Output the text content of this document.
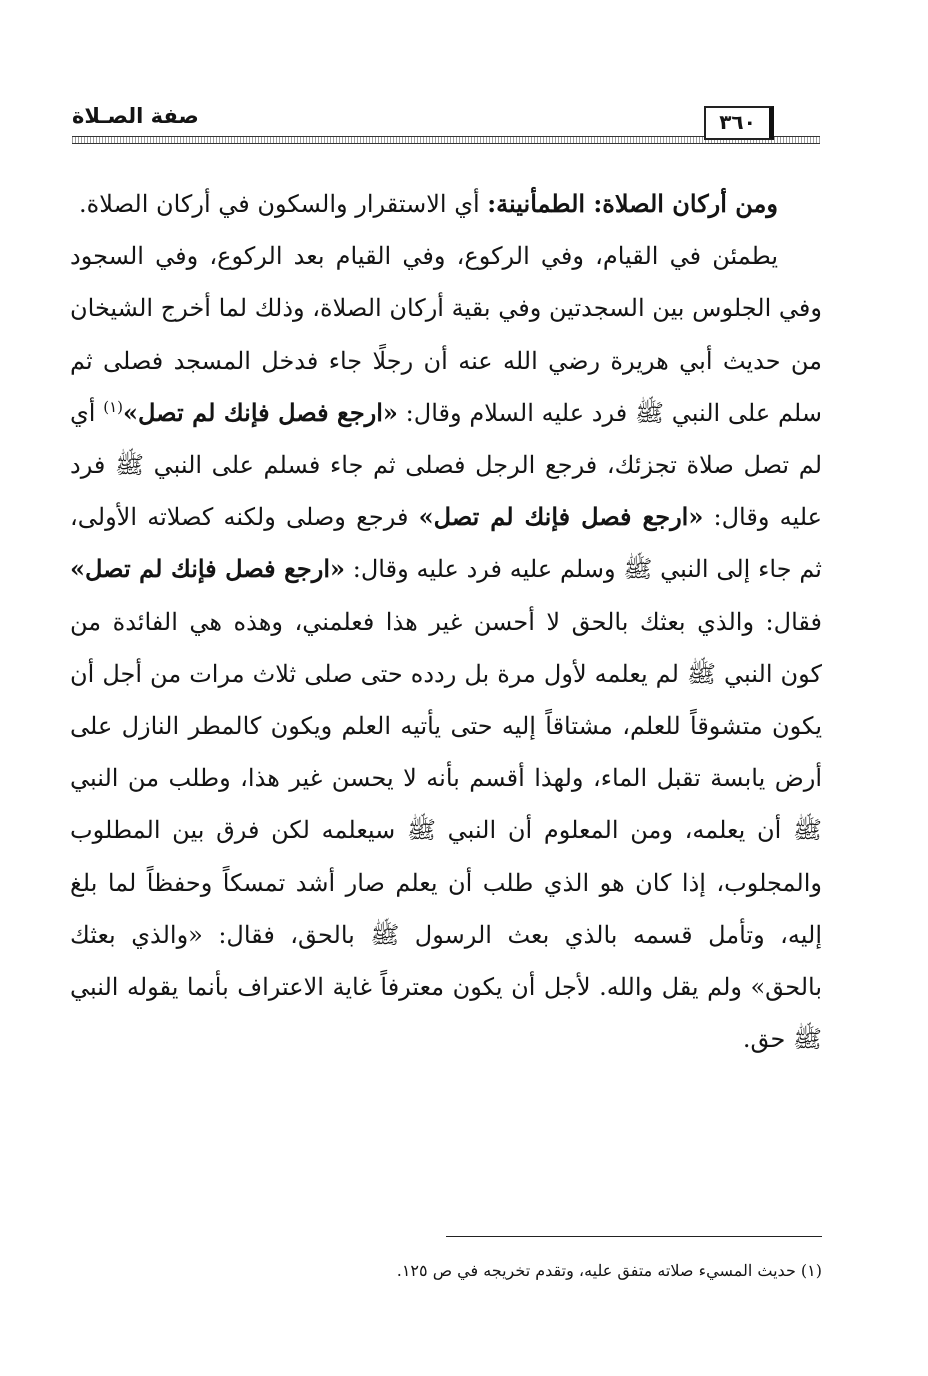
صفة الصـلاة	٣٦٠

ومن أركان الصلاة: الطمأنينة: أي الاستقرار والسكون في أركان الصلاة.

يطمئن في القيام، وفي الركوع، وفي القيام بعد الركوع، وفي السجود وفي الجلوس بين السجدتين وفي بقية أركان الصلاة، وذلك لما أخرج الشيخان من حديث أبي هريرة رضي الله عنه أن رجلًا جاء فدخل المسجد فصلى ثم سلم على النبي ﷺ فرد عليه السلام وقال: «ارجع فصل فإنك لم تصل»$^{(١)}$ أي لم تصل صلاة تجزئك، فرجع الرجل فصلى ثم جاء فسلم على النبي ﷺ فرد عليه وقال: «ارجع فصل فإنك لم تصل» فرجع وصلى ولكنه كصلاته الأولى، ثم جاء إلى النبي ﷺ وسلم عليه فرد عليه وقال: «ارجع فصل فإنك لم تصل» فقال: والذي بعثك بالحق لا أحسن غير هذا فعلمني، وهذه هي الفائدة من كون النبي ﷺ لم يعلمه لأول مرة بل ردده حتى صلى ثلاث مرات من أجل أن يكون متشوقاً للعلم، مشتاقاً إليه حتى يأتيه العلم ويكون كالمطر النازل على أرض يابسة تقبل الماء، ولهذا أقسم بأنه لا يحسن غير هذا، وطلب من النبي ﷺ أن يعلمه، ومن المعلوم أن النبي ﷺ سيعلمه لكن فرق بين المطلوب والمجلوب، إذا كان هو الذي طلب أن يعلم صار أشد تمسكاً وحفظاً لما بلغ إليه، وتأمل قسمه بالذي بعث الرسول ﷺ بالحق، فقال: «والذي بعثك بالحق» ولم يقل والله. لأجل أن يكون معترفاً غاية الاعتراف بأنما يقوله النبي ﷺ حق.

(١) حديث المسيء صلاته متفق عليه، وتقدم تخريجه في ص ١٢٥.
